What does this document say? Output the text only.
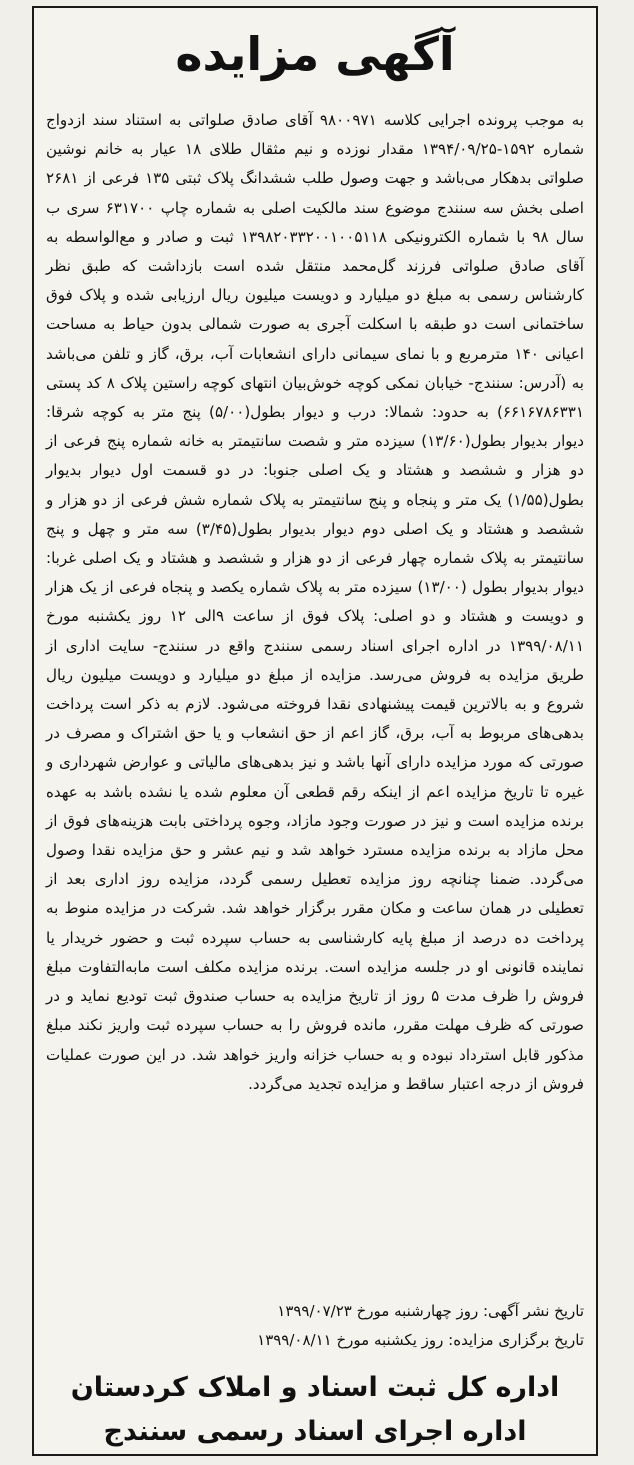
آگهی مزایده
به موجب پرونده اجرایی کلاسه ۹۸۰۰۹۷۱ آقای صادق صلواتی به استناد سند ازدواج شماره ۱۵۹۲-۱۳۹۴/۰۹/۲۵ مقدار نوزده و نیم مثقال طلای ۱۸ عیار به خانم نوشین صلواتی بدهکار می‌باشد و جهت وصول طلب ششدانگ پلاک ثبتی ۱۳۵ فرعی از ۲۶۸۱ اصلی بخش سه سنندج موضوع سند مالکیت اصلی به شماره چاپ ۶۳۱۷۰۰ سری ب سال ۹۸ با شماره الکترونیکی ۱۳۹۸۲۰۳۳۲۰۰۱۰۰۵۱۱۸ ثبت و صادر و مع‌الواسطه به آقای صادق صلواتی فرزند گل‌محمد منتقل شده است بازداشت که طبق نظر کارشناس رسمی به مبلغ دو میلیارد و دویست میلیون ریال ارزیابی شده و پلاک فوق ساختمانی است دو طبقه با اسکلت آجری به صورت شمالی بدون حیاط به مساحت اعیانی ۱۴۰ مترمربع و با نمای سیمانی دارای انشعابات آب، برق، گاز و تلفن می‌باشد به (آدرس: سنندج- خیابان نمکی کوچه خوش‌بیان انتهای کوچه راستین پلاک ۸ کد پستی ۶۶۱۶۷۸۶۳۳۱) به حدود: شمالا: درب و دیوار بطول(۵/۰۰) پنج متر به کوچه شرقا: دیوار بدیوار بطول(۱۳/۶۰) سیزده متر و شصت سانتیمتر به خانه شماره پنج فرعی از دو هزار و ششصد و هشتاد و یک اصلی جنوبا: در دو قسمت اول دیوار بدیوار بطول(۱/۵۵) یک متر و پنجاه و پنج سانتیمتر به پلاک شماره شش فرعی از دو هزار و ششصد و هشتاد و یک اصلی دوم دیوار بدیوار بطول(۳/۴۵) سه متر و چهل و پنج سانتیمتر به پلاک شماره چهار فرعی از دو هزار و ششصد و هشتاد و یک اصلی غربا: دیوار بدیوار بطول (۱۳/۰۰) سیزده متر به پلاک شماره یکصد و پنجاه فرعی از یک هزار و دویست و هشتاد و دو اصلی: پلاک فوق از ساعت ۹الی ۱۲ روز یکشنبه مورخ ۱۳۹۹/۰۸/۱۱ در اداره اجرای اسناد رسمی سنندج واقع در سنندج- سایت اداری از طریق مزایده به فروش می‌رسد. مزایده از مبلغ دو میلیارد و دویست میلیون ریال شروع و به بالاترین قیمت پیشنهادی نقدا فروخته می‌شود. لازم به ذکر است پرداخت بدهی‌های مربوط به آب، برق، گاز اعم از حق انشعاب و یا حق اشتراک و مصرف در صورتی که مورد مزایده دارای آنها باشد و نیز بدهی‌های مالیاتی و عوارض شهرداری و غیره تا تاریخ مزایده اعم از اینکه رقم قطعی آن معلوم شده یا نشده باشد به عهده برنده مزایده است و نیز در صورت وجود مازاد، وجوه پرداختی بابت هزینه‌های فوق از محل مازاد به برنده مزایده مسترد خواهد شد و نیم عشر و حق مزایده نقدا وصول می‌گردد. ضمنا چنانچه روز مزایده تعطیل رسمی گردد، مزایده روز اداری بعد از تعطیلی در همان ساعت و مکان مقرر برگزار خواهد شد. شرکت در مزایده منوط به پرداخت ده درصد از مبلغ پایه کارشناسی به حساب سپرده ثبت و حضور خریدار یا نماینده قانونی او در جلسه مزایده است. برنده مزایده مکلف است مابه‌التفاوت مبلغ فروش را ظرف مدت ۵ روز از تاریخ مزایده به حساب صندوق ثبت تودیع نماید و در صورتی که ظرف مهلت مقرر، مانده فروش را به حساب سپرده ثبت واریز نکند مبلغ مذکور قابل استرداد نبوده و به حساب خزانه واریز خواهد شد. در این صورت عملیات فروش از درجه اعتبار ساقط و مزایده تجدید می‌گردد.
تاریخ نشر آگهی: روز چهارشنبه مورخ ۱۳۹۹/۰۷/۲۳
تاریخ برگزاری مزایده: روز یکشنبه مورخ ۱۳۹۹/۰۸/۱۱
اداره کل ثبت اسناد و املاک کردستان
اداره اجرای اسناد رسمی سنندج
